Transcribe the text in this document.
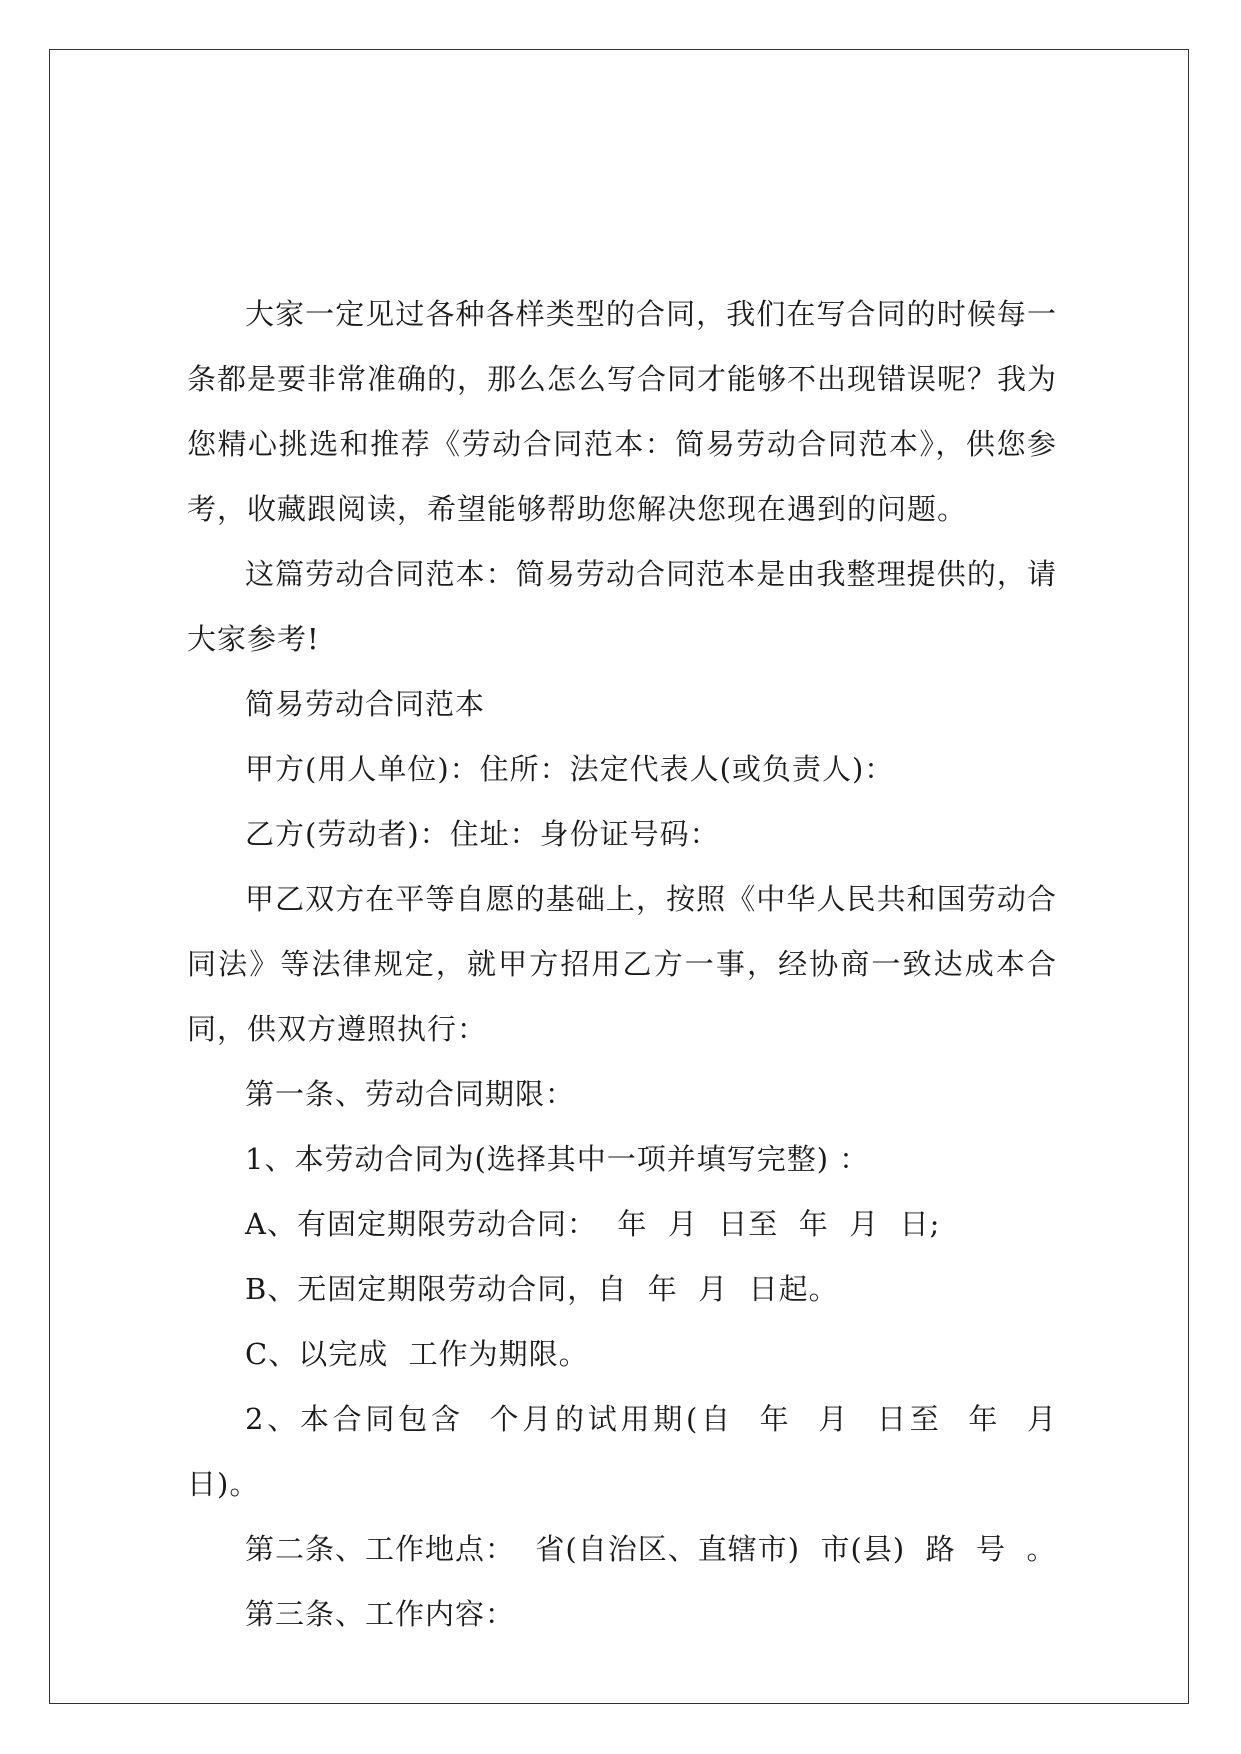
大家一定见过各种各样类型的合同，我们在写合同的时候每一条都是要非常准确的，那么怎么写合同才能够不出现错误呢？我为您精心挑选和推荐《劳动合同范本：简易劳动合同范本》，供您参考，收藏跟阅读，希望能够帮助您解决您现在遇到的问题。

这篇劳动合同范本：简易劳动合同范本是由我整理提供的，请大家参考!

简易劳动合同范本

甲方(用人单位)：住所：法定代表人(或负责人)：

乙方(劳动者)：住址：身份证号码：

甲乙双方在平等自愿的基础上，按照《中华人民共和国劳动合同法》等法律规定，就甲方招用乙方一事，经协商一致达成本合同，供双方遵照执行：

第一条、劳动合同期限：

1、本劳动合同为(选择其中一项并填写完整) ：

A、有固定期限劳动合同：  年  月  日至  年  月  日;

B、无固定期限劳动合同，自  年  月  日起。

C、以完成  工作为期限。

2、本合同包含  个月的试用期(自  年  月  日至  年  月  日)。

第二条、工作地点：  省(自治区、直辖市)  市(县)  路  号  。

第三条、工作内容：
